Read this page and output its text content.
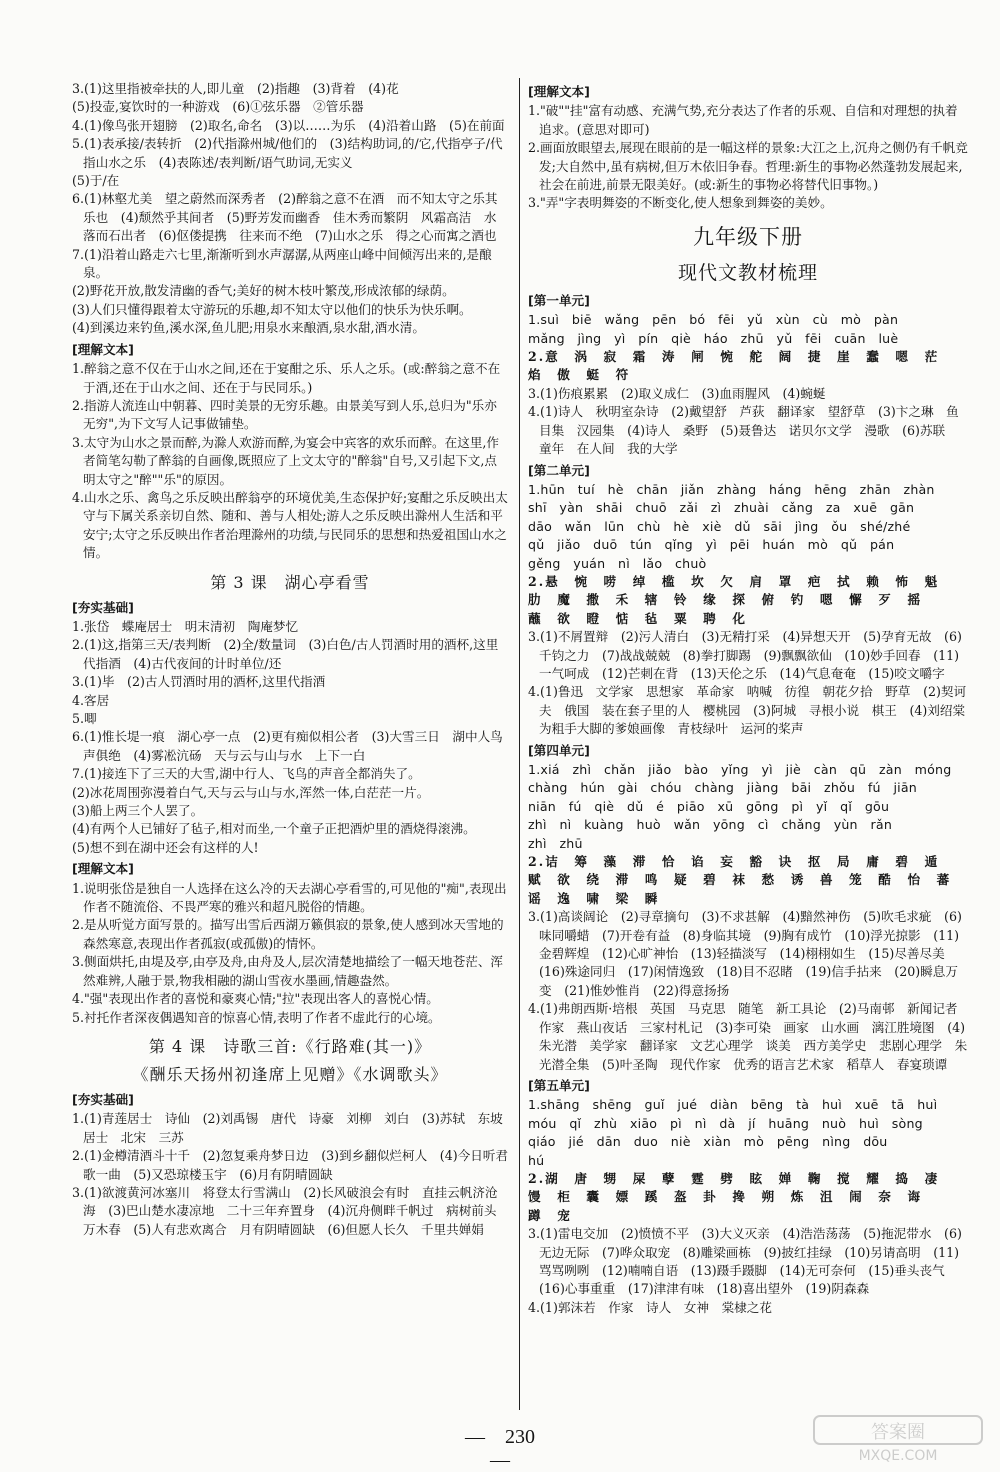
3.(1)这里指被牵扶的人,即儿童　(2)指趣　(3)背着　(4)花

(5)投壶,宴饮时的一种游戏　(6)①弦乐器　②管乐器

4.(1)像鸟张开翅膀　(2)取名,命名　(3)以……为乐　(4)沿着山路　(5)在前面

5.(1)表承接/表转折　(2)代指滁州城/他们的　(3)结构助词,的/它,代指亭子/代指山水之乐　(4)表陈述/表判断/语气助词,无实义

(5)于/在

6.(1)林壑尤美　望之蔚然而深秀者　(2)醉翁之意不在酒　而不知太守之乐其乐也　(4)颓然乎其间者　(5)野芳发而幽香　佳木秀而繁阴　风霜高洁　水落而石出者　(6)伛偻提携　往来而不绝　(7)山水之乐　得之心而寓之酒也

7.(1)沿着山路走六七里,渐渐听到水声潺潺,从两座山峰中间倾泻出来的,是酿泉。

(2)野花开放,散发清幽的香气;美好的树木枝叶繁茂,形成浓郁的绿荫。

(3)人们只懂得跟着太守游玩的乐趣,却不知太守以他们的快乐为快乐啊。

(4)到溪边来钓鱼,溪水深,鱼儿肥;用泉水来酿酒,泉水甜,酒水清。

[理解文本]

1.醉翁之意不仅在于山水之间,还在于宴酣之乐、乐人之乐。(或:醉翁之意不在于酒,还在于山水之间、还在于与民同乐。)

2.指游人流连山中朝暮、四时美景的无穷乐趣。由景美写到人乐,总归为"乐亦无穷",为下文写人记事做铺垫。

3.太守为山水之景而醉,为滁人欢游而醉,为宴会中宾客的欢乐而醉。在这里,作者简笔勾勒了醉翁的自画像,既照应了上文太守的"醉翁"自号,又引起下文,点明太守之"醉""乐"的原因。

4.山水之乐、禽鸟之乐反映出醉翁亭的环境优美,生态保护好;宴酣之乐反映出太守与下属关系亲切自然、随和、善与人相处;游人之乐反映出滁州人生活和平安宁;太守之乐反映出作者治理滁州的功绩,与民同乐的思想和热爱祖国山水之情。

第 3 课　湖心亭看雪
[夯实基础]

1.张岱　蝶庵居士　明末清初　陶庵梦忆

2.(1)这,指第三天/表判断　(2)全/数量词　(3)白色/古人罚酒时用的酒杯,这里代指酒　(4)古代夜间的计时单位/还

3.(1)毕　(2)古人罚酒时用的酒杯,这里代指酒

4.客居

5.唧

6.(1)惟长堤一痕　湖心亭一点　(2)更有痴似相公者　(3)大雪三日　湖中人鸟声俱绝　(4)雾凇沆砀　天与云与山与水　上下一白

7.(1)接连下了三天的大雪,湖中行人、飞鸟的声音全都消失了。

(2)冰花周围弥漫着白气,天与云与山与水,浑然一体,白茫茫一片。

(3)船上两三个人罢了。

(4)有两个人已铺好了毡子,相对而坐,一个童子正把酒炉里的酒烧得滚沸。

(5)想不到在湖中还会有这样的人!

[理解文本]

1.说明张岱是独自一人选择在这么冷的天去湖心亭看雪的,可见他的"痴",表现出作者不随流俗、不畏严寒的雅兴和超凡脱俗的情趣。

2.是从听觉方面写景的。描写出雪后西湖万籁俱寂的景象,使人感到冰天雪地的森然寒意,表现出作者孤寂(或孤傲)的情怀。

3.侧面烘托,由堤及亭,由亭及舟,由舟及人,层次清楚地描绘了一幅天地苍茫、浑然难辨,人融于景,物我相融的湖山雪夜水墨画,情趣盎然。

4."强"表现出作者的喜悦和豪爽心情;"拉"表现出客人的喜悦心情。

5.衬托作者深夜偶遇知音的惊喜心情,表明了作者不虚此行的心境。

第 4 课　诗歌三首:《行路难(其一)》
《酬乐天扬州初逢席上见赠》《水调歌头》
[夯实基础]

1.(1)青莲居士　诗仙　(2)刘禹锡　唐代　诗豪　刘柳　刘白　(3)苏轼　东坡居士　北宋　三苏

2.(1)金樽清酒斗十千　(2)忽复乘舟梦日边　(3)到乡翻似烂柯人　(4)今日听君歌一曲　(5)又恐琼楼玉宇　(6)月有阴晴圆缺

3.(1)欲渡黄河冰塞川　将登太行雪满山　(2)长风破浪会有时　直挂云帆济沧海　(3)巴山楚水凄凉地　二十三年弃置身　(4)沉舟侧畔千帆过　病树前头万木春　(5)人有悲欢离合　月有阴晴圆缺　(6)但愿人长久　千里共婵娟

[理解文本]

1."破""挂"富有动感、充满气势,充分表达了作者的乐观、自信和对理想的执着追求。(意思对即可)

2.画面放眼望去,展现在眼前的是一幅这样的景象:大江之上,沉舟之侧仍有千帆竞发;大自然中,虽有病树,但万木依旧争春。哲理:新生的事物必然蓬勃发展起来,社会在前进,前景无限美好。(或:新生的事物必将替代旧事物。)

3."弄"字表明舞姿的不断变化,使人想象到舞姿的美妙。

九年级下册
现代文教材梳理
[第一单元]

1.suì　biē　wǎng　pēn　bó　fēi　yǔ　xùn　cù　mò　pàn

mǎng　jìng　yì　pín　qiè　háo　zhū　yǔ　fēi　cuān　luè

2.意　涡　寂　霜　涛　闸　惋　舵　阔　捷　崖　蠢　嗯　茫

焰　傲　蜓　符

3.(1)伤痕累累　(2)取义成仁　(3)血雨腥风　(4)蜿蜒

4.(1)诗人　秋明室杂诗　(2)戴望舒　芦荻　翻译家　望舒草　(3)卞之琳　鱼目集　汉园集　(4)诗人　桑野　(5)聂鲁达　诺贝尔文学　漫歌　(6)苏联　童年　在人间　我的大学

[第二单元]

1.hūn　tuí　hè　chān　jiǎn　zhàng　háng　hēng　zhān　zhàn

shī　yàn　shāi　chuō　zǎi　zì　zhuài　cǎng　za　xuē　gān

dāo　wǎn　lūn　chù　hè　xiè　dǔ　sāi　jìng　ǒu　shé/zhé

qǔ　jiǎo　duō　tún　qǐng　yì　pēi　huán　mò　qǔ　pán

gěng　yuán　nì　lǎo　chuò

2.悬　惋　唠　绰　槛　坎　欠　肩　罩　疤　拭　赖　怖　魁

肋　魔　撒　禾　辖　铃　缘　探　俯　钓　嗯　懈　歹　摇

蘸　欲　瞪　惦　毡　粟　聘　化

3.(1)不屑置辩　(2)污人清白　(3)无精打采　(4)异想天开　(5)孕育无故　(6)千钧之力　(7)战战兢兢　(8)拳打脚踢　(9)飘飘欲仙　(10)妙手回春　(11)一气呵成　(12)芒刺在背　(13)天伦之乐　(14)气息奄奄　(15)咬文嚼字

4.(1)鲁迅　文学家　思想家　革命家　呐喊　彷徨　朝花夕拾　野草　(2)契诃夫　俄国　装在套子里的人　樱桃园　(3)阿城　寻根小说　棋王　(4)刘绍棠　为粗手大脚的爹娘画像　青枝绿叶　运河的桨声

[第四单元]

1.xiá　zhì　chǎn　jiǎo　bào　yǐng　yì　jiè　càn　qū　zàn　móng

chàng　hún　gài　chóu　chàng　jiàng　bāi　zhǒu　fú　jiān

niān　fú　qiè　dǔ　é　piāo　xū　gōng　pì　yǐ　qǐ　gōu

zhì　nì　kuàng　huò　wǎn　yōng　cì　chǎng　yùn　rǎn

zhì　zhū

2.诘　筹　藻　滞　恰　谄　妄　豁　诀　抠　局　庸　碧　遁

赋　欲　绕　滞　鸣　疑　碧　袜　愁　诱　兽　笼　酷　怡　蕃

谣　逸　啸　梁　瞬

3.(1)高谈阔论　(2)寻章摘句　(3)不求甚解　(4)黯然神伤　(5)吹毛求疵　(6)味同嚼蜡　(7)开卷有益　(8)身临其境　(9)胸有成竹　(10)浮光掠影　(11)金碧辉煌　(12)心旷神怡　(13)轻描淡写　(14)栩栩如生　(15)尽善尽美　(16)殊途同归　(17)闲情逸致　(18)目不忍睹　(19)信手拈来　(20)瞬息万变　(21)惟妙惟肖　(22)得意扬扬

4.(1)弗朗西斯·培根　英国　马克思　随笔　新工具论　(2)马南邨　新闻记者　作家　燕山夜话　三家村札记　(3)李可染　画家　山水画　漓江胜境图　(4)朱光潜　美学家　翻译家　文艺心理学　谈美　西方美学史　悲剧心理学　朱光潜全集　(5)叶圣陶　现代作家　优秀的语言艺术家　稻草人　春宴琐谭

[第五单元]

1.shāng　shēng　guǐ　jué　diàn　bēng　tà　huì　xuē　tā　huì

móu　qǐ　zhù　xiāo　pì　nì　dà　jí　huāng　nuò　huì　sòng

qiáo　jié　dān　duo　niè　xiàn　mò　pēng　nìng　dōu

hú

2.湖　唐　甥　屎　孽　霆　劈　眩　婵　鞠　搅　耀　捣　凄

馒　柜　囊　嫖　蹊　盔　卦　搀　朔　炼　沮　闹　奈　诲

蹲　宠

3.(1)雷电交加　(2)愤愤不平　(3)大义灭亲　(4)浩浩荡荡　(5)拖泥带水　(6)无边无际　(7)哗众取宠　(8)雕梁画栋　(9)披红挂绿　(10)另请高明　(11)骂骂咧咧　(12)喃喃自语　(13)蹑手蹑脚　(14)无可奈何　(15)垂头丧气　(16)心事重重　(17)津津有味　(18)喜出望外　(19)阴森森

4.(1)郭沫若　作家　诗人　女神　棠棣之花

—　230　—
答案圈
MXQE.COM
